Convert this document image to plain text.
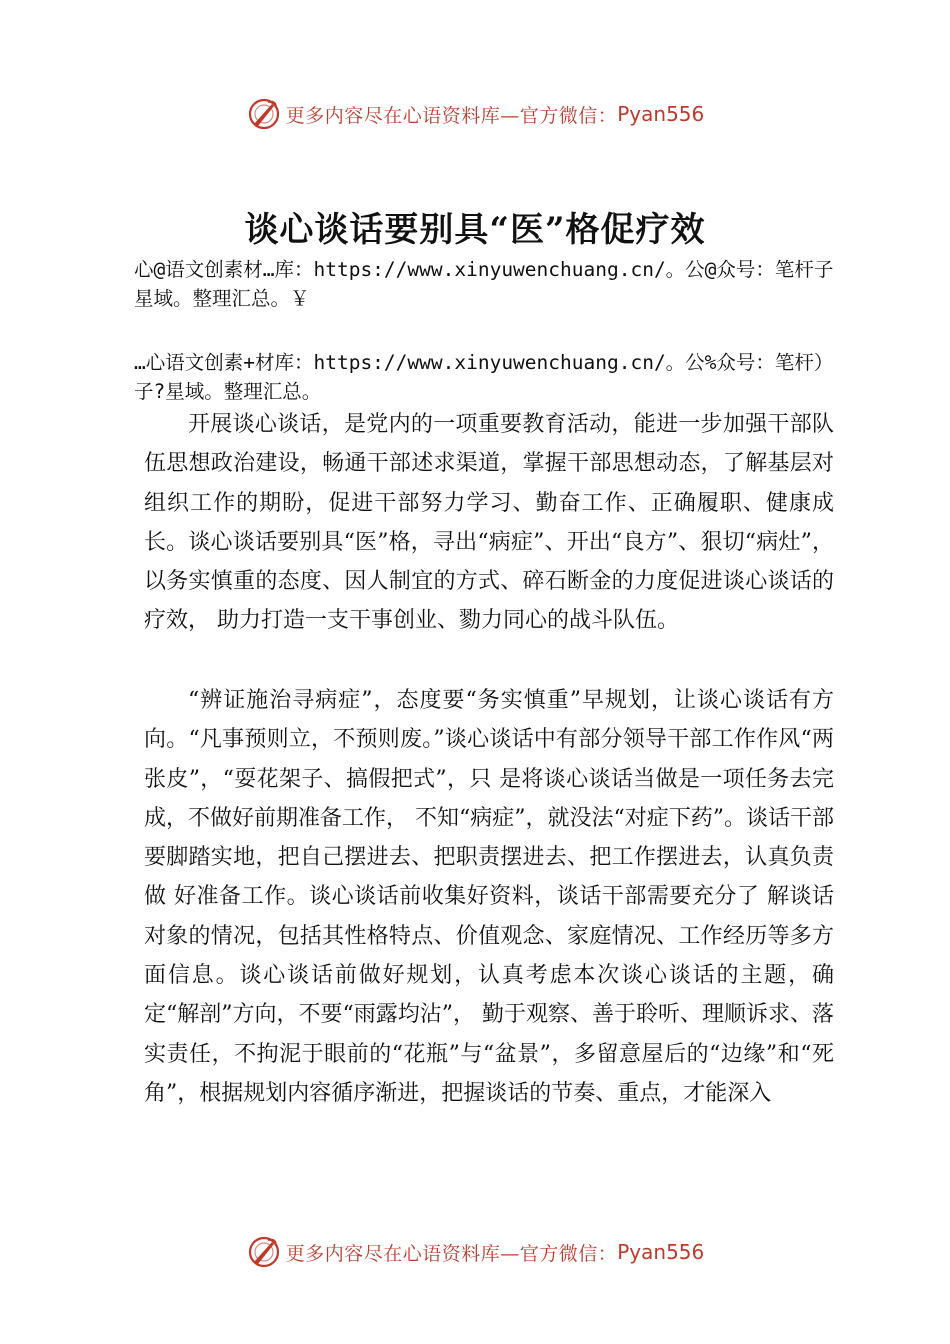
更多内容尽在心语资料库—官方微信： Pyan556
谈心谈话要别具“医”格促疗效
心@语文创素材…库：https://www.xinyuwenchuang.cn/。公@众号：笔杆子星域。整理汇总。￥
…心语文创素+材库：https://www.xinyuwenchuang.cn/。公%众号：笔杆）子?星域。整理汇总。

开展谈心谈话，是党内的一项重要教育活动，能进一步加强干部队伍思想政治建设，畅通干部述求渠道，掌握干部思想动态，了解基层对组织工作的期盼，促进干部努力学习、勤奋工作、正确履职、健康成长。谈心谈话要别具“医”格，寻出“病症”、开出“良方”、狠切“病灶”，以务实慎重的态度、因人制宜的方式、碎石断金的力度促进谈心谈话的疗效， 助力打造一支干事创业、勠力同心的战斗队伍。

“辨证施治寻病症”，态度要“务实慎重”早规划，让谈心谈话有方向。“凡事预则立，不预则废。”谈心谈话中有部分领导干部工作作风“两张皮”，“耍花架子、搞假把式”，只 是将谈心谈话当做是一项任务去完成，不做好前期准备工作， 不知“病症”，就没法“对症下药”。谈话干部要脚踏实地，把自己摆进去、把职责摆进去、把工作摆进去，认真负责做 好准备工作。谈心谈话前收集好资料，谈话干部需要充分了 解谈话对象的情况，包括其性格特点、价值观念、家庭情况、工作经历等多方面信息。谈心谈话前做好规划，认真考虑本次谈心谈话的主题，确定“解剖”方向，不要“雨露均沾”， 勤于观察、善于聆听、理顺诉求、落实责任，不拘泥于眼前的“花瓶”与“盆景”，多留意屋后的“边缘”和“死角”，根据规划内容循序渐进，把握谈话的节奏、重点，才能深入

更多内容尽在心语资料库—官方微信： Pyan556
